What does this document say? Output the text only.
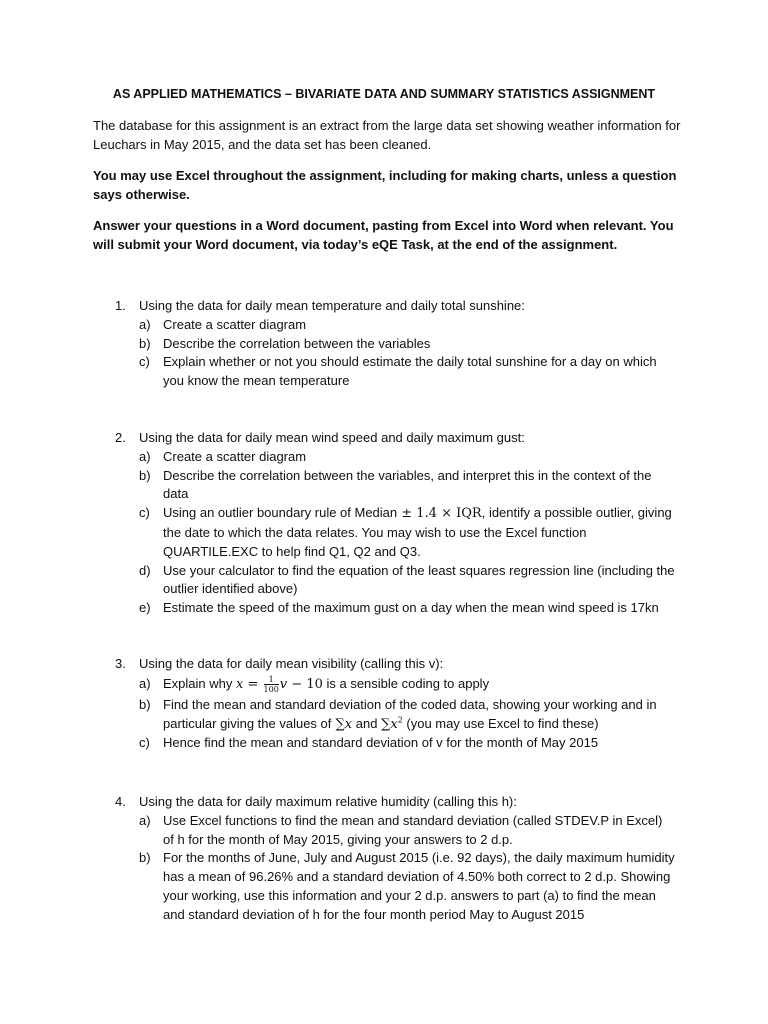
AS APPLIED MATHEMATICS – BIVARIATE DATA AND SUMMARY STATISTICS ASSIGNMENT
The database for this assignment is an extract from the large data set showing weather information for Leuchars in May 2015, and the data set has been cleaned.
You may use Excel throughout the assignment, including for making charts, unless a question says otherwise.
Answer your questions in a Word document, pasting from Excel into Word when relevant. You will submit your Word document, via today’s eQE Task, at the end of the assignment.
1.	Using the data for daily mean temperature and daily total sunshine:
a) Create a scatter diagram
b) Describe the correlation between the variables
c)	Explain whether or not you should estimate the daily total sunshine for a day on which you know the mean temperature
2.	Using the data for daily mean wind speed and daily maximum gust:
a) Create a scatter diagram
b) Describe the correlation between the variables, and interpret this in the context of the data
c)	Using an outlier boundary rule of Median ± 1.4 × IQR, identify a possible outlier, giving the date to which the data relates. You may wish to use the Excel function QUARTILE.EXC to help find Q1, Q2 and Q3.
d) Use your calculator to find the equation of the least squares regression line (including the outlier identified above)
e) Estimate the speed of the maximum gust on a day when the mean wind speed is 17kn
3.	Using the data for daily mean visibility (calling this v):
a) Explain why $x = \frac{1}{100}$ v − 10 is a sensible coding to apply
b) Find the mean and standard deviation of the coded data, showing your working and in particular giving the values of ∑x and $\sum x^2$ (you may use Excel to find these)
c)	Hence find the mean and standard deviation of v for the month of May 2015
4.	Using the data for daily maximum relative humidity (calling this h):
a) Use Excel functions to find the mean and standard deviation (called STDEV.P in Excel) of h for the month of May 2015, giving your answers to 2 d.p.
b) For the months of June, July and August 2015 (i.e. 92 days), the daily maximum humidity has a mean of 96.26% and a standard deviation of 4.50% both correct to 2 d.p. Showing your working, use this information and your 2 d.p. answers to part (a) to find the mean and standard deviation of h for the four month period May to August 2015
